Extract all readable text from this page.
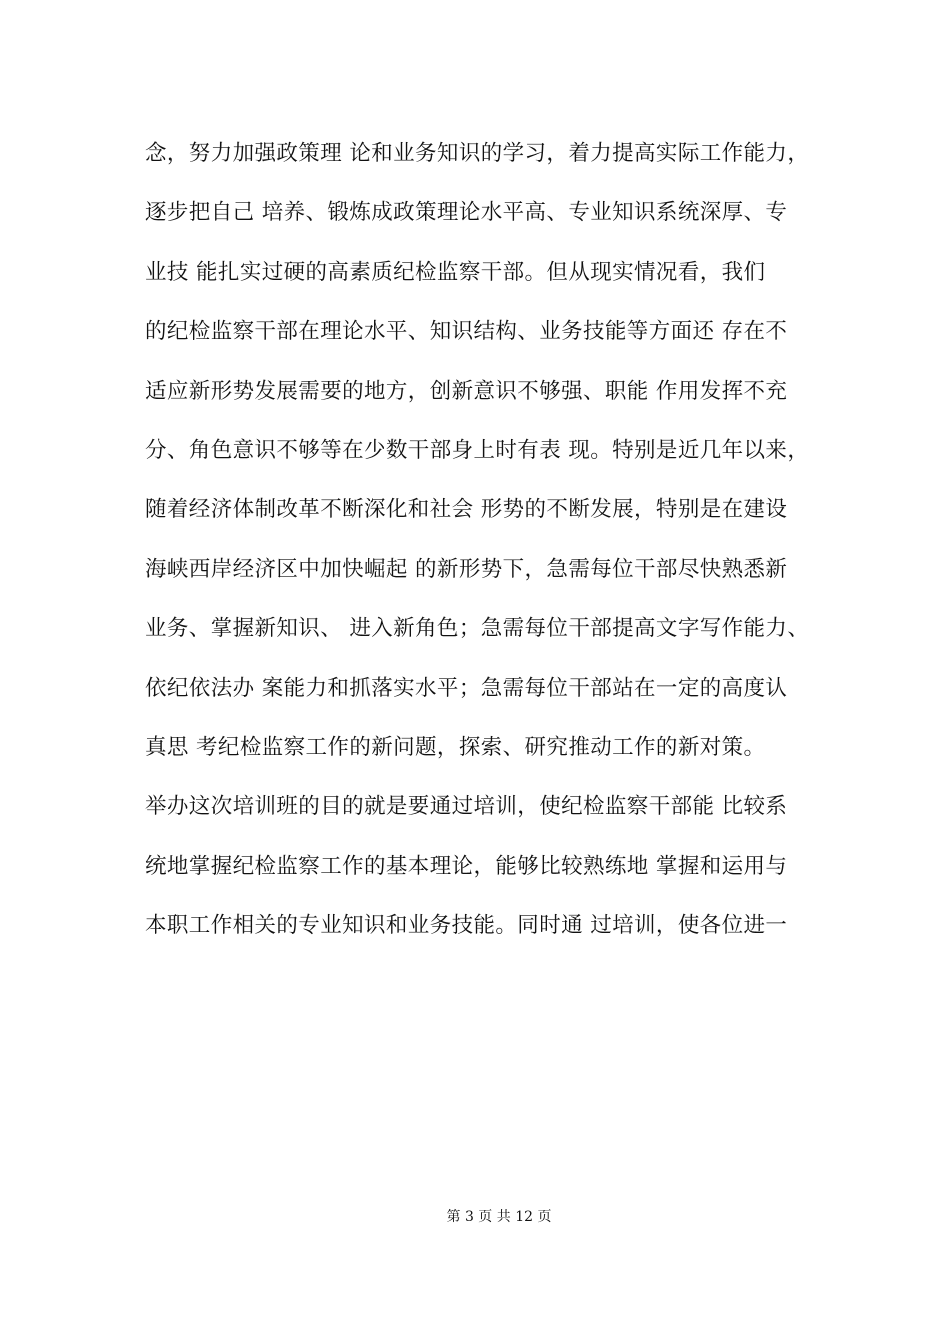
念，努力加强政策理 论和业务知识的学习，着力提高实际工作能力，
逐步把自己 培养、锻炼成政策理论水平高、专业知识系统深厚、专
业技 能扎实过硬的高素质纪检监察干部。但从现实情况看，我们
的纪检监察干部在理论水平、知识结构、业务技能等方面还 存在不
适应新形势发展需要的地方，创新意识不够强、职能 作用发挥不充
分、角色意识不够等在少数干部身上时有表 现。特别是近几年以来，
随着经济体制改革不断深化和社会 形势的不断发展，特别是在建设
海峡西岸经济区中加快崛起 的新形势下，急需每位干部尽快熟悉新
业务、掌握新知识、 进入新角色；急需每位干部提高文字写作能力、
依纪依法办 案能力和抓落实水平；急需每位干部站在一定的高度认
真思 考纪检监察工作的新问题，探索、研究推动工作的新对策。
举办这次培训班的目的就是要通过培训，使纪检监察干部能 比较系
统地掌握纪检监察工作的基本理论，能够比较熟练地 掌握和运用与
本职工作相关的专业知识和业务技能。同时通 过培训，使各位进一
第 3 页 共 12 页
